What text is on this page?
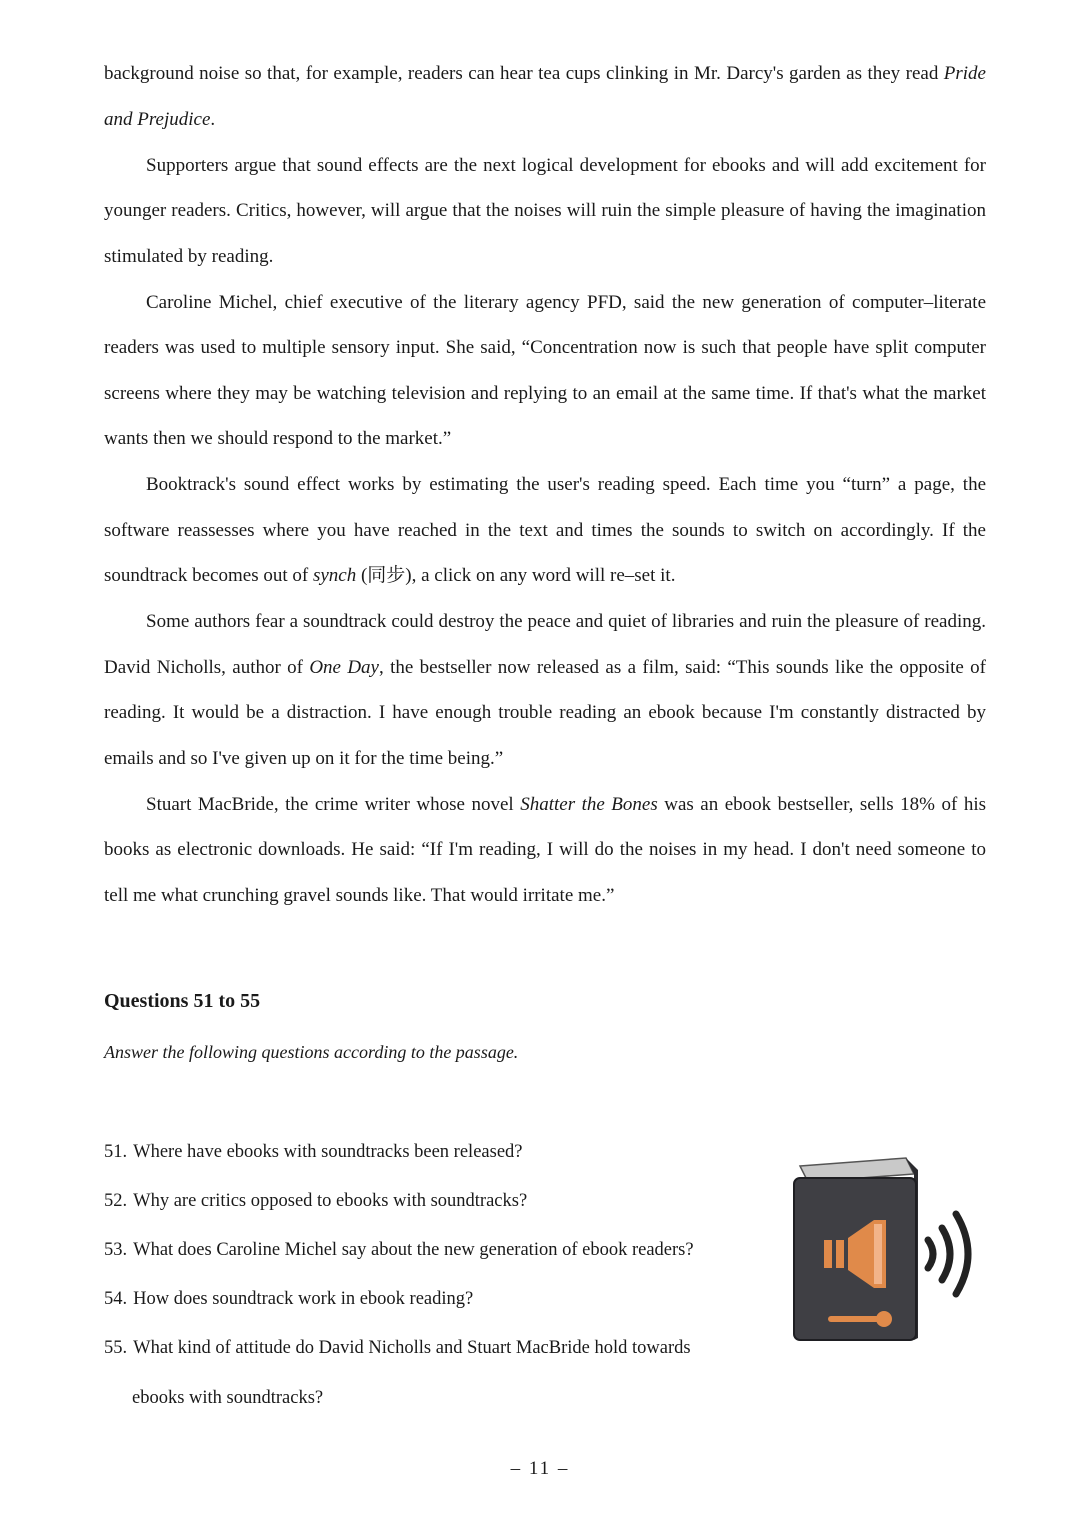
background noise so that, for example, readers can hear tea cups clinking in Mr. Darcy's garden as they read Pride and Prejudice.

Supporters argue that sound effects are the next logical development for ebooks and will add excitement for younger readers. Critics, however, will argue that the noises will ruin the simple pleasure of having the imagination stimulated by reading.

Caroline Michel, chief executive of the literary agency PFD, said the new generation of computer–literate readers was used to multiple sensory input. She said, “Concentration now is such that people have split computer screens where they may be watching television and replying to an email at the same time. If that's what the market wants then we should respond to the market.”

Booktrack's sound effect works by estimating the user's reading speed. Each time you “turn” a page, the software reassesses where you have reached in the text and times the sounds to switch on accordingly. If the soundtrack becomes out of synch (同步), a click on any word will re–set it.

Some authors fear a soundtrack could destroy the peace and quiet of libraries and ruin the pleasure of reading. David Nicholls, author of One Day, the bestseller now released as a film, said: “This sounds like the opposite of reading. It would be a distraction. I have enough trouble reading an ebook because I'm constantly distracted by emails and so I've given up on it for the time being.”

Stuart MacBride, the crime writer whose novel Shatter the Bones was an ebook bestseller, sells 18% of his books as electronic downloads. He said: “If I'm reading, I will do the noises in my head. I don't need someone to tell me what crunching gravel sounds like. That would irritate me.”

Questions 51 to 55
Answer the following questions according to the passage.
51. Where have ebooks with soundtracks been released?
52. Why are critics opposed to ebooks with soundtracks?
53. What does Caroline Michel say about the new generation of ebook readers?
54. How does soundtrack work in ebook reading?
55. What kind of attitude do David Nicholls and Stuart MacBride hold towards
ebooks with soundtracks?
– 11 –
